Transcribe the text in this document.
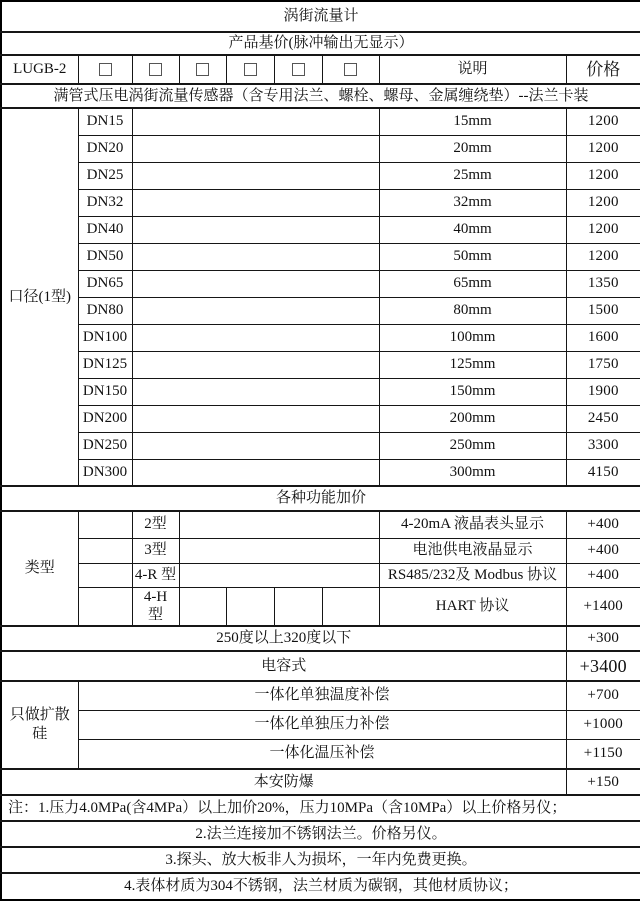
涡街流量计								
产品基价(脉冲输出无显示）								
LUGB-2							说明	价格
满管式压电涡街流量传感器（含专用法兰、螺栓、螺母、金属缠绕垫）--法兰卡装								
口径(1型)	DN15						15mm	1200
	DN20						20mm	1200
	DN25						25mm	1200
	DN32						32mm	1200
	DN40						40mm	1200
	DN50						50mm	1200
	DN65						65mm	1350
	DN80						80mm	1500
	DN100						100mm	1600
	DN125						125mm	1750
	DN150						150mm	1900
	DN200						200mm	2450
	DN250						250mm	3300
	DN300						300mm	4150
各种功能加价								
类型		2型					4-20mA 液晶表头显示	+400
		3型					电池供电液晶显示	+400
		4-R 型					RS485/232及 Modbus 协议	+400
		4-H 型					HART 协议	+1400
250度以上320度以下								+300
电容式								+3400
只做扩散硅	一体化单独温度补偿							+700
	一体化单独压力补偿							+1000
	一体化温压补偿							+1150
本安防爆								+150
注：1.压力4.0MPa(含4MPa）以上加价20%，压力10MPa（含10MPa）以上价格另仪；								
2.法兰连接加不锈钢法兰。价格另仪。								
3.探头、放大板非人为损坏，一年内免费更换。								
4.表体材质为304不锈钢，法兰材质为碳钢，其他材质协议；								
